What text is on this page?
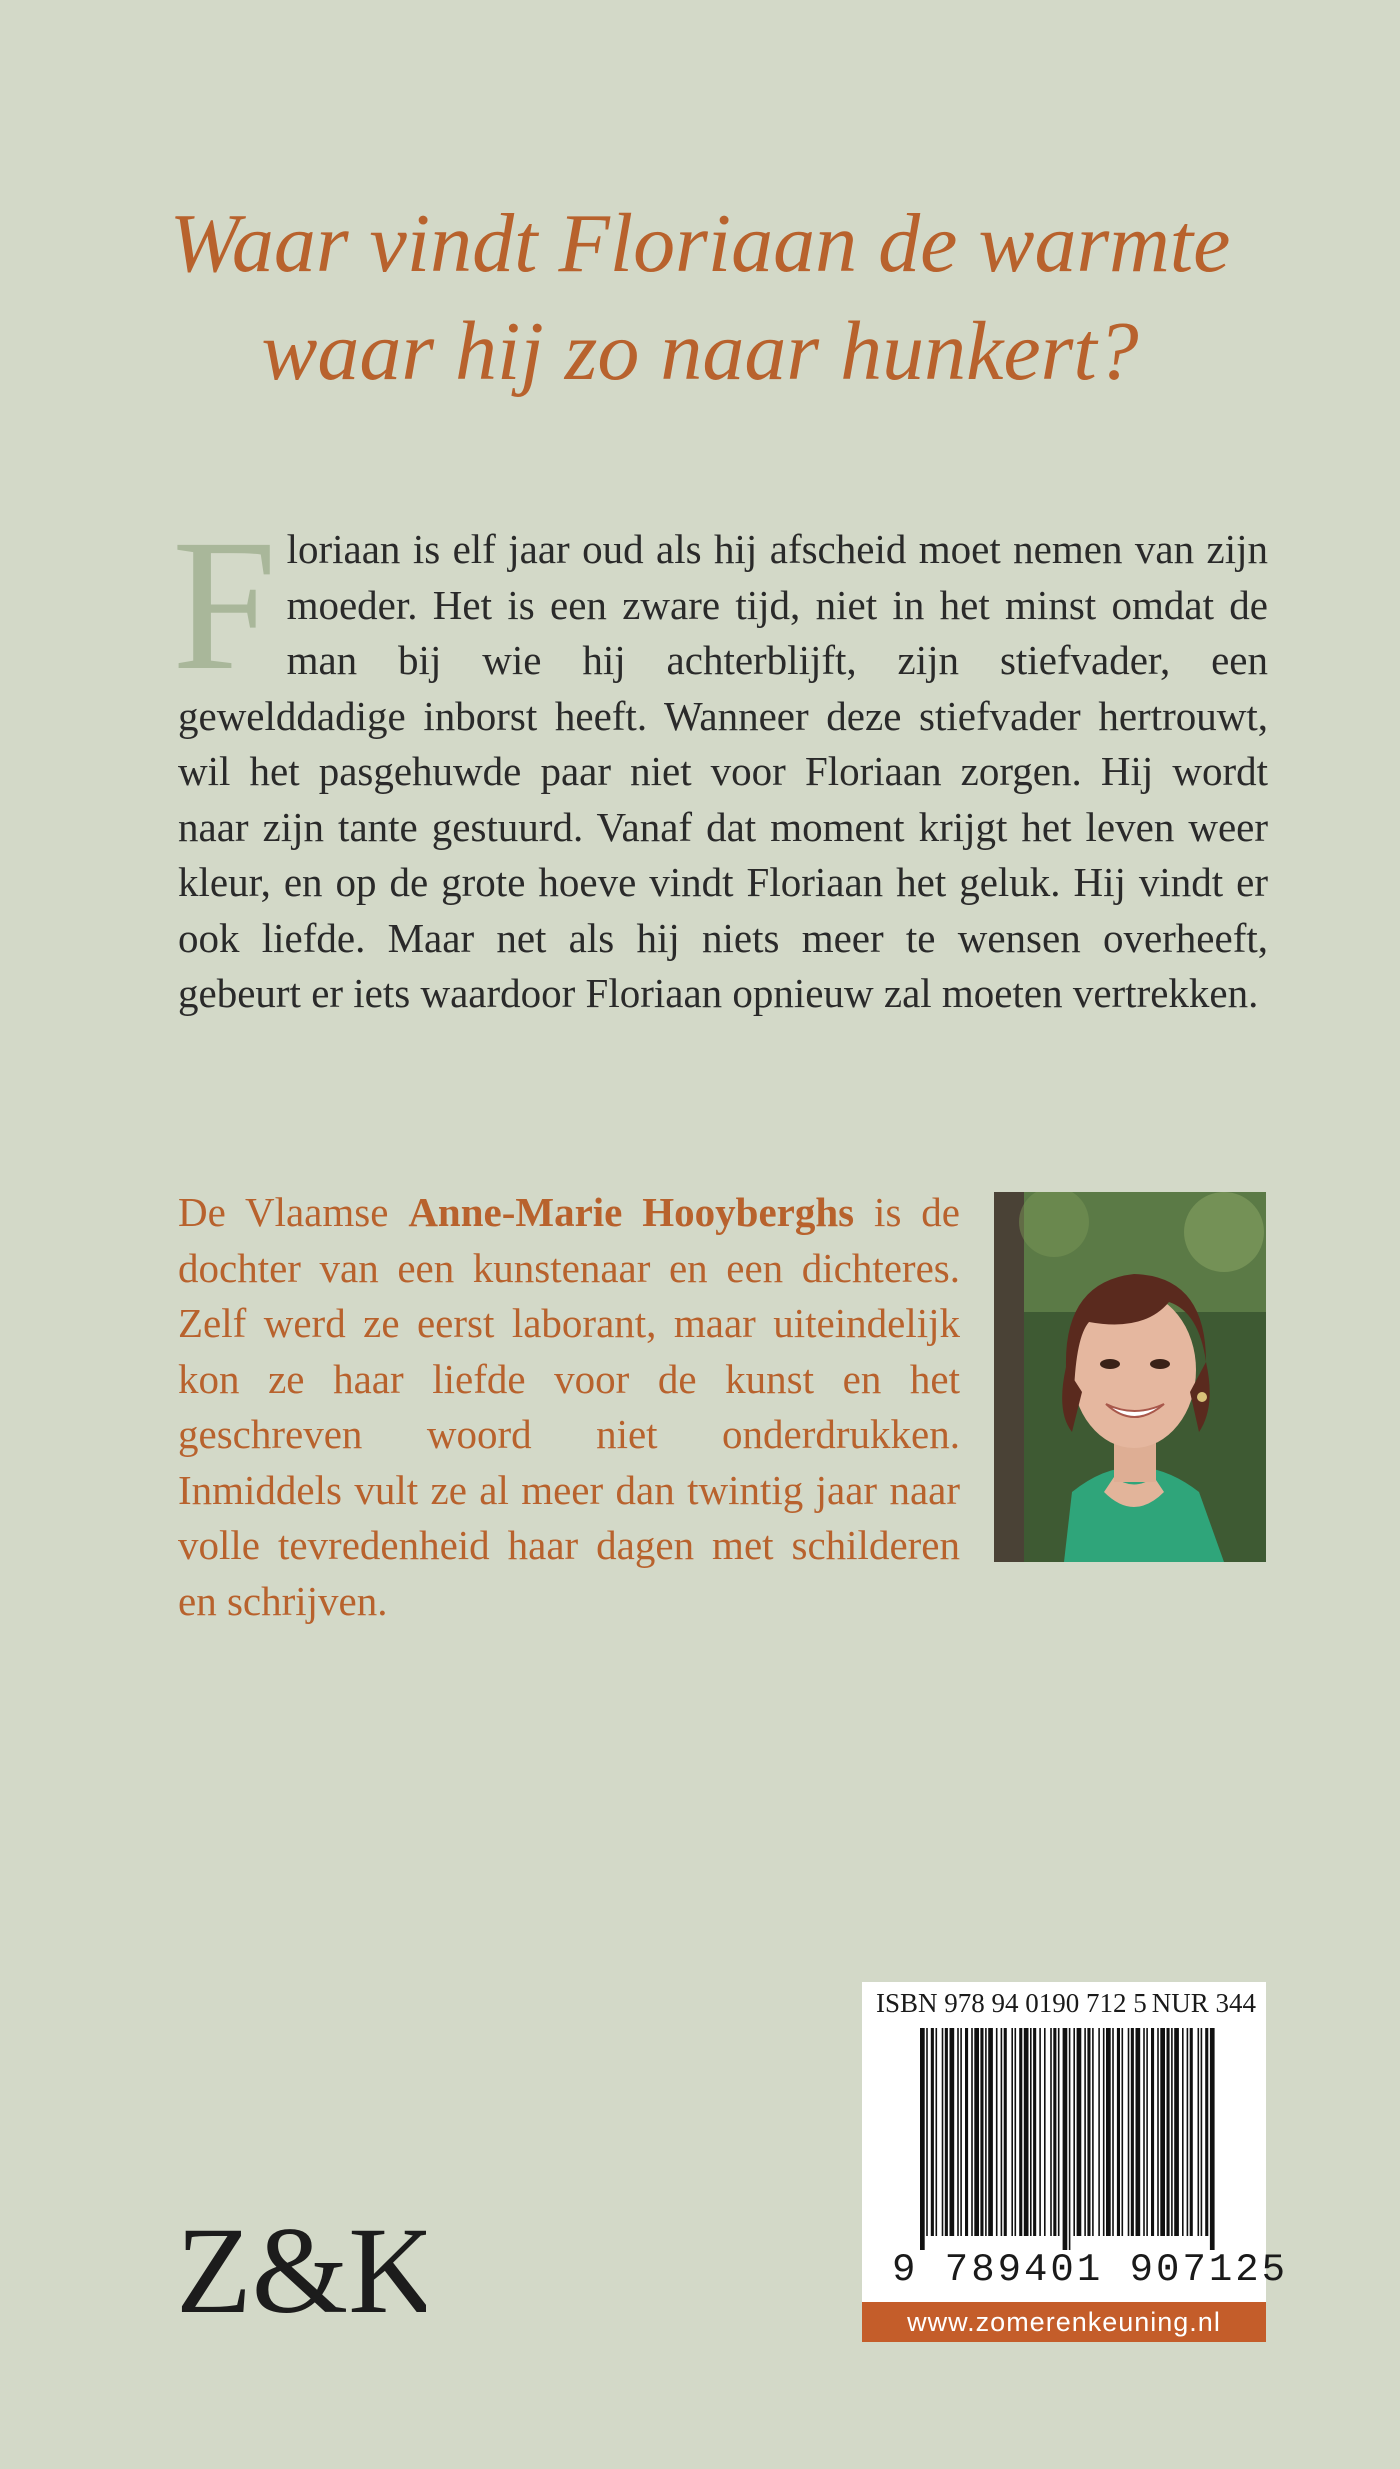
Waar vindt Floriaan de warmte
waar hij zo naar hunkert?
F loriaan is elf jaar oud als hij afscheid moet nemen van zijn moeder. Het is een zware tijd, niet in het minst omdat de man bij wie hij achterblijft, zijn stiefvader, een gewelddadige inborst heeft. Wanneer deze stiefvader hertrouwt, wil het pasgehuwde paar niet voor Floriaan zorgen. Hij wordt naar zijn tante gestuurd. Vanaf dat moment krijgt het leven weer kleur, en op de grote hoeve vindt Floriaan het geluk. Hij vindt er ook liefde. Maar net als hij niets meer te wensen overheeft, gebeurt er iets waardoor Floriaan opnieuw zal moeten vertrekken.
De Vlaamse Anne-Marie Hooyberghs is de dochter van een kunstenaar en een dichteres. Zelf werd ze eerst laborant, maar uiteindelijk kon ze haar liefde voor de kunst en het geschreven woord niet onderdrukken. Inmiddels vult ze al meer dan twintig jaar naar volle tevredenheid haar dagen met schilderen en schrijven.
Z&K
ISBN 978 94 0190 712 5 NUR 344
9 789401 907125
www.zomerenkeuning.nl
